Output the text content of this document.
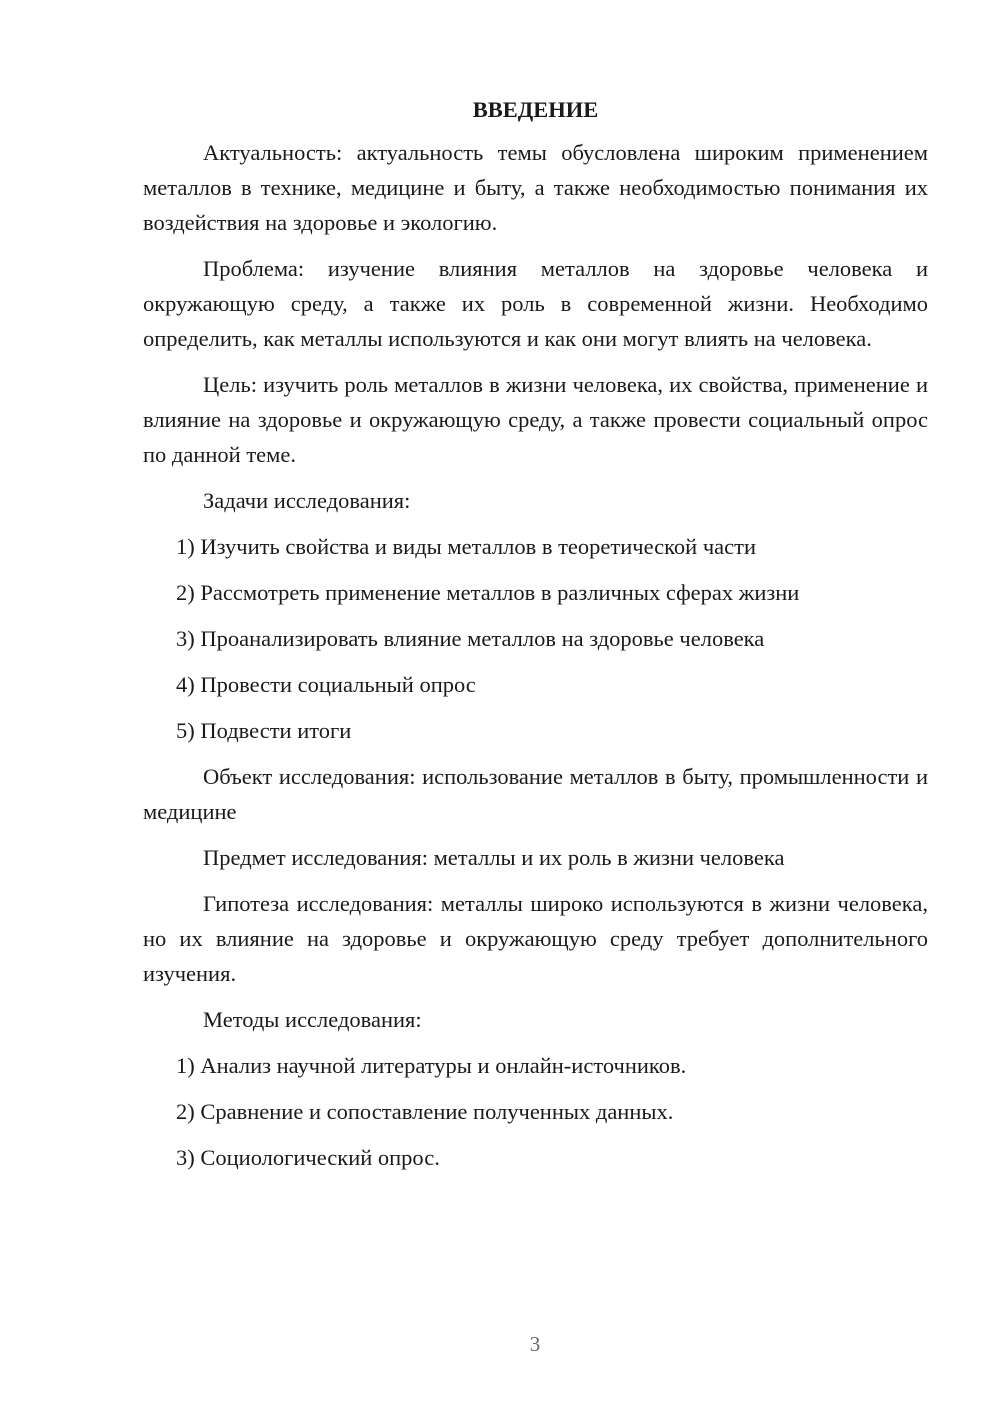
ВВЕДЕНИЕ

Актуальность: актуальность темы обусловлена широким применением металлов в технике, медицине и быту, а также необходимостью понимания их воздействия на здоровье и экологию.

Проблема: изучение влияния металлов на здоровье человека и окружающую среду, а также их роль в современной жизни. Необходимо определить, как металлы используются и как они могут влиять на человека.

Цель: изучить роль металлов в жизни человека, их свойства, применение и влияние на здоровье и окружающую среду, а также провести социальный опрос по данной теме.

Задачи исследования:

1) Изучить свойства и виды металлов в теоретической части

2) Рассмотреть применение металлов в различных сферах жизни

3) Проанализировать влияние металлов на здоровье человека

4) Провести социальный опрос

5) Подвести итоги

Объект исследования: использование металлов в быту, промышленности и медицине

Предмет исследования: металлы и их роль в жизни человека

Гипотеза исследования: металлы широко используются в жизни человека, но их влияние на здоровье и окружающую среду требует дополнительного изучения.

Методы исследования:

1) Анализ научной литературы и онлайн-источников.

2) Сравнение и сопоставление полученных данных.

3) Социологический опрос.

3
